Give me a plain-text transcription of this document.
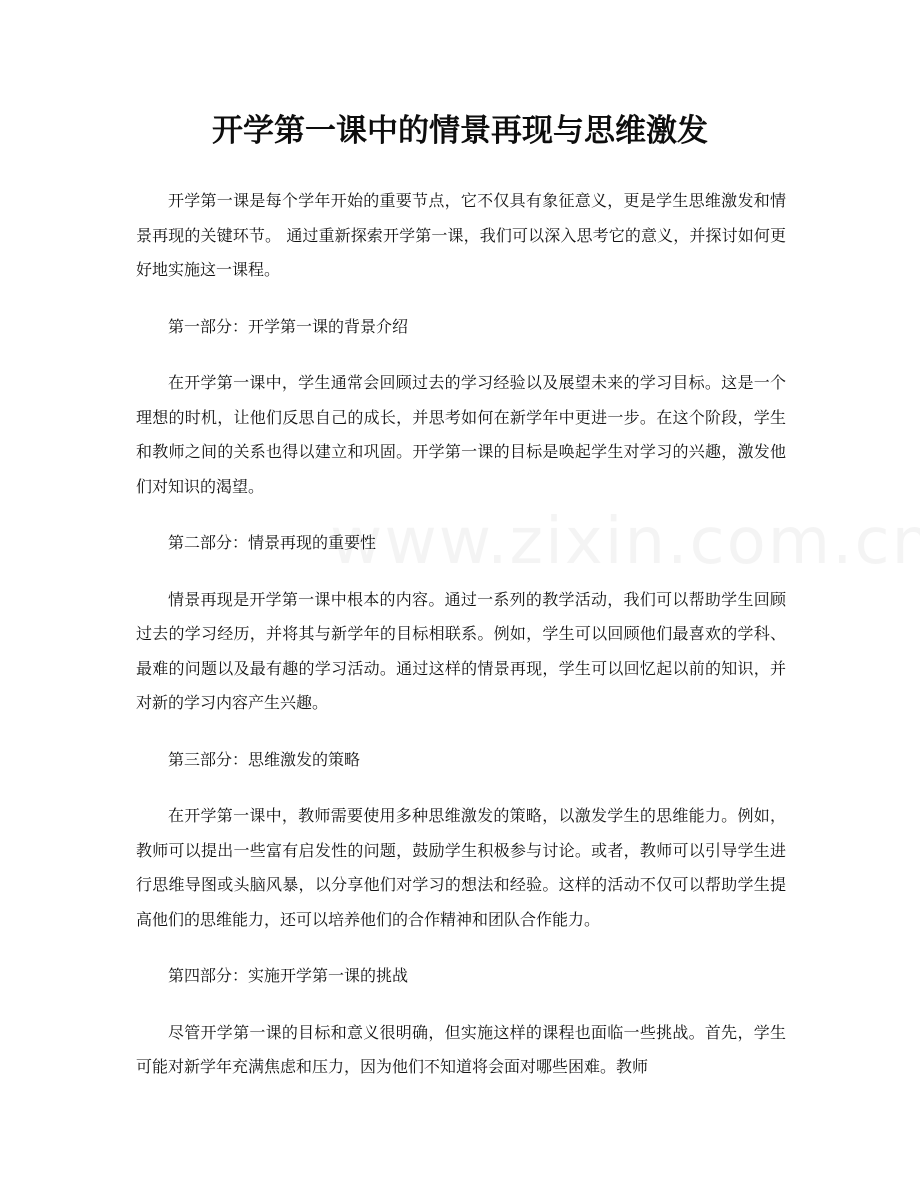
开学第一课中的情景再现与思维激发

开学第一课是每个学年开始的重要节点，它不仅具有象征意义，更是学生思维激发和情景再现的关键环节。 通过重新探索开学第一课，我们可以深入思考它的意义，并探讨如何更好地实施这一课程。

第一部分：开学第一课的背景介绍

在开学第一课中，学生通常会回顾过去的学习经验以及展望未来的学习目标。这是一个理想的时机，让他们反思自己的成长，并思考如何在新学年中更进一步。在这个阶段，学生和教师之间的关系也得以建立和巩固。开学第一课的目标是唤起学生对学习的兴趣，激发他们对知识的渴望。

第二部分：情景再现的重要性

情景再现是开学第一课中根本的内容。通过一系列的教学活动，我们可以帮助学生回顾过去的学习经历，并将其与新学年的目标相联系。例如，学生可以回顾他们最喜欢的学科、最难的问题以及最有趣的学习活动。通过这样的情景再现，学生可以回忆起以前的知识，并对新的学习内容产生兴趣。

第三部分：思维激发的策略

在开学第一课中，教师需要使用多种思维激发的策略，以激发学生的思维能力。例如，教师可以提出一些富有启发性的问题，鼓励学生积极参与讨论。或者，教师可以引导学生进行思维导图或头脑风暴，以分享他们对学习的想法和经验。这样的活动不仅可以帮助学生提高他们的思维能力，还可以培养他们的合作精神和团队合作能力。

第四部分：实施开学第一课的挑战

尽管开学第一课的目标和意义很明确，但实施这样的课程也面临一些挑战。首先，学生可能对新学年充满焦虑和压力，因为他们不知道将会面对哪些困难。教师
